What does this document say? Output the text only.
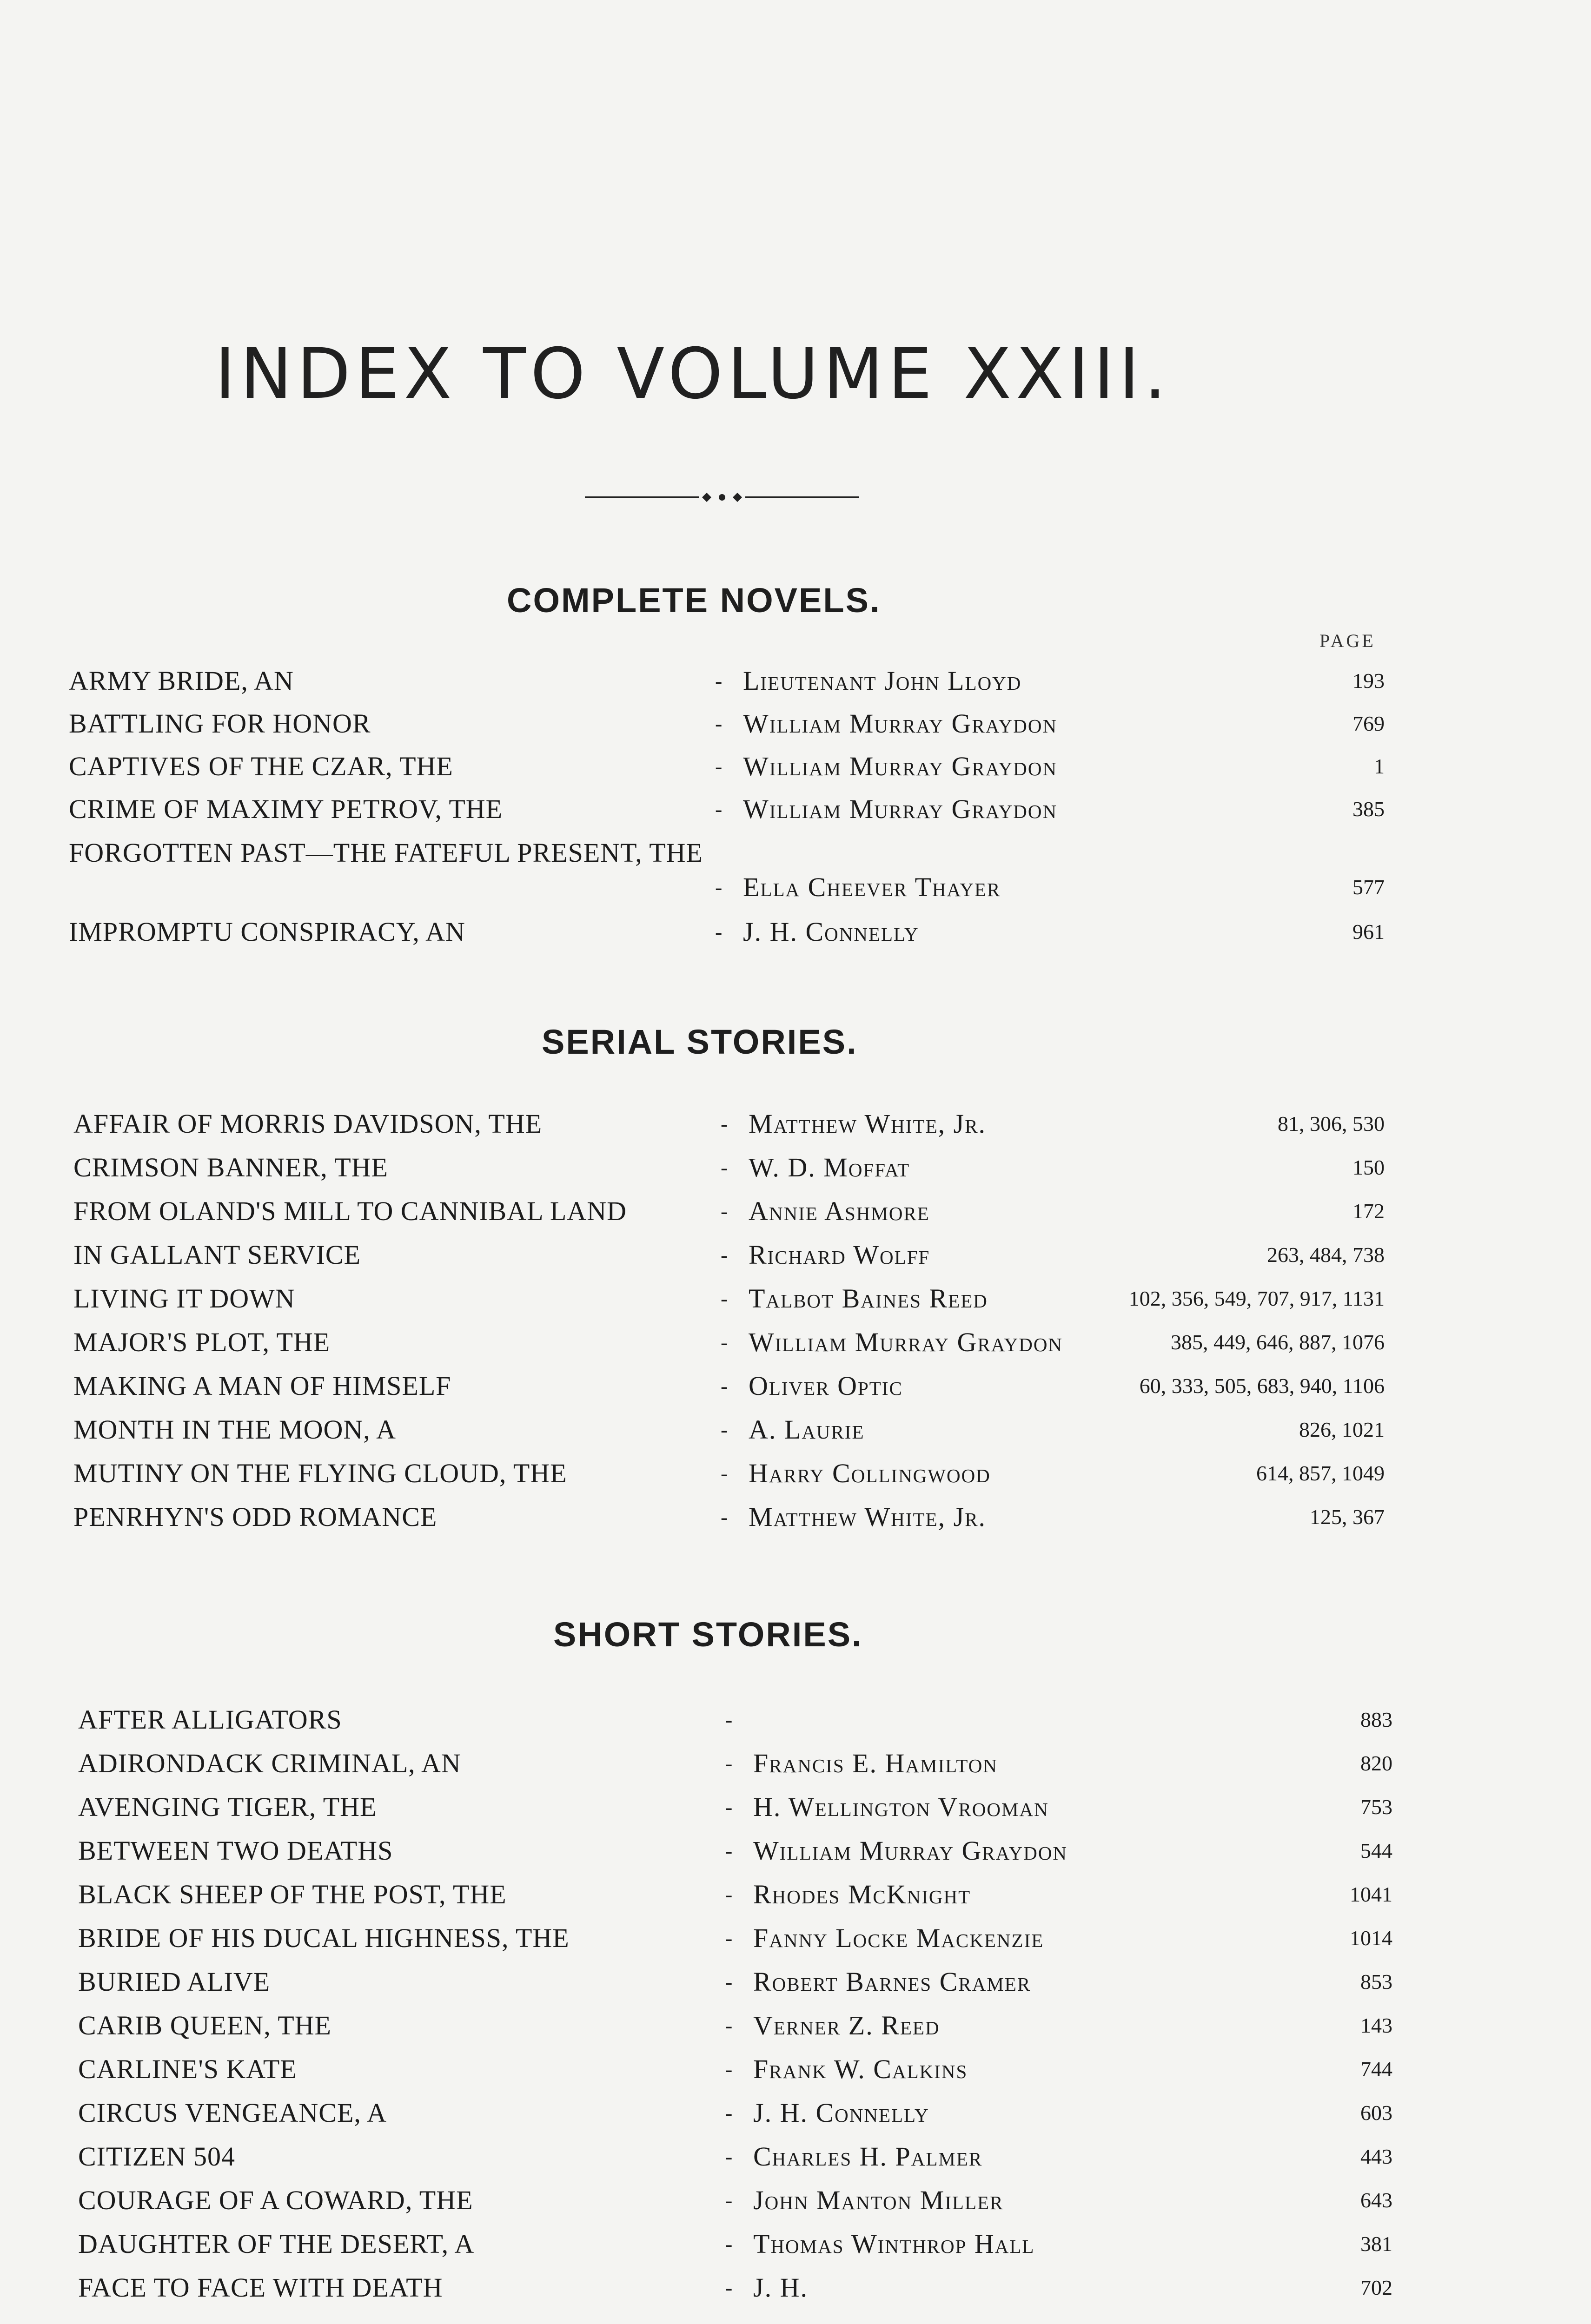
INDEX TO VOLUME XXIII.
COMPLETE NOVELS.
PAGE
ARMY BRIDE, AN	- Lieutenant John Lloyd	193
BATTLING FOR HONOR	- William Murray Graydon	769
CAPTIVES OF THE CZAR, THE	- William Murray Graydon	1
CRIME OF MAXIMY PETROV, THE	- William Murray Graydon	385
FORGOTTEN PAST—THE FATEFUL PRESENT, THE
- Ella Cheever Thayer	577
IMPROMPTU CONSPIRACY, AN	- J. H. Connelly	961
SERIAL STORIES.
AFFAIR OF MORRIS DAVIDSON, THE	- Matthew White, Jr.	81, 306, 530
CRIMSON BANNER, THE	- W. D. Moffat	150
FROM OLAND'S MILL TO CANNIBAL LAND	- Annie Ashmore	172
IN GALLANT SERVICE	- Richard Wolff	263, 484, 738
LIVING IT DOWN	- Talbot Baines Reed	102, 356, 549, 707, 917, 1131
MAJOR'S PLOT, THE	- William Murray Graydon	385, 449, 646, 887, 1076
MAKING A MAN OF HIMSELF	- Oliver Optic	60, 333, 505, 683, 940, 1106
MONTH IN THE MOON, A	- A. Laurie	826, 1021
MUTINY ON THE FLYING CLOUD, THE	- Harry Collingwood	614, 857, 1049
PENRHYN'S ODD ROMANCE	- Matthew White, Jr.	125, 367
SHORT STORIES.
AFTER ALLIGATORS	-	883
ADIRONDACK CRIMINAL, AN	- Francis E. Hamilton	820
AVENGING TIGER, THE	- H. Wellington Vrooman	753
BETWEEN TWO DEATHS	- William Murray Graydon	544
BLACK SHEEP OF THE POST, THE	- Rhodes McKnight	1041
BRIDE OF HIS DUCAL HIGHNESS, THE	- Fanny Locke Mackenzie	1014
BURIED ALIVE	- Robert Barnes Cramer	853
CARIB QUEEN, THE	- Verner Z. Reed	143
CARLINE'S KATE	- Frank W. Calkins	744
CIRCUS VENGEANCE, A	- J. H. Connelly	603
CITIZEN 504	- Charles H. Palmer	443
COURAGE OF A COWARD, THE	- John Manton Miller	643
DAUGHTER OF THE DESERT, A	- Thomas Winthrop Hall	381
FACE TO FACE WITH DEATH	- J. H.	702
